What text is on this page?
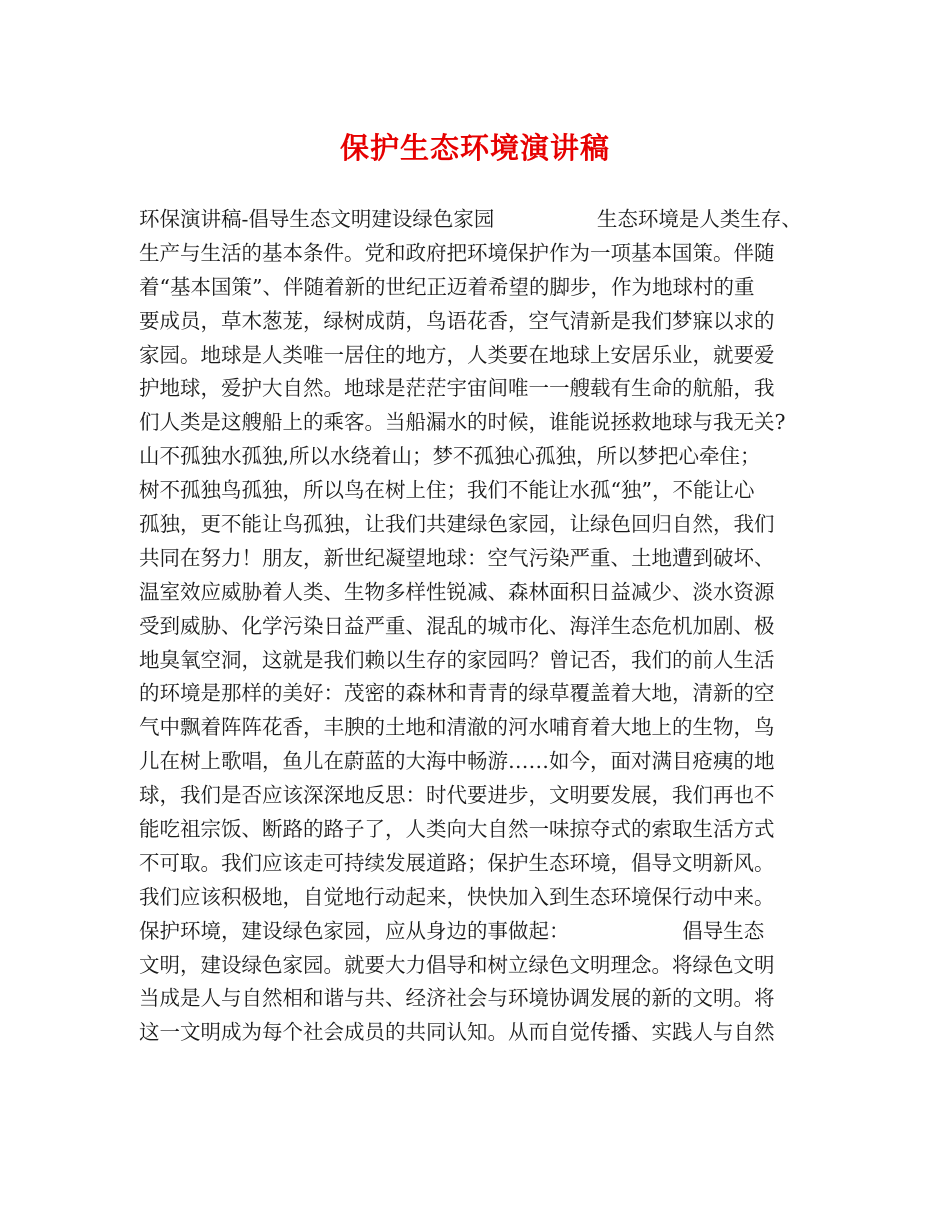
保护生态环境演讲稿
环保演讲稿-倡导生态文明建设绿色家园　　　　　生态环境是人类生存、
生产与生活的基本条件。党和政府把环境保护作为一项基本国策。伴随
着“基本国策”、伴随着新的世纪正迈着希望的脚步，作为地球村的重
要成员，草木葱茏，绿树成荫，鸟语花香，空气清新是我们梦寐以求的
家园。地球是人类唯一居住的地方，人类要在地球上安居乐业，就要爱
护地球，爱护大自然。地球是茫茫宇宙间唯一一艘载有生命的航船，我
们人类是这艘船上的乘客。当船漏水的时候，谁能说拯救地球与我无关?
山不孤独水孤独,所以水绕着山；梦不孤独心孤独，所以梦把心牵住；
树不孤独鸟孤独，所以鸟在树上住；我们不能让水孤“独”，不能让心
孤独，更不能让鸟孤独，让我们共建绿色家园，让绿色回归自然，我们
共同在努力！朋友，新世纪凝望地球：空气污染严重、土地遭到破坏、
温室效应威胁着人类、生物多样性锐减、森林面积日益减少、淡水资源
受到威胁、化学污染日益严重、混乱的城市化、海洋生态危机加剧、极
地臭氧空洞，这就是我们赖以生存的家园吗？曾记否，我们的前人生活
的环境是那样的美好：茂密的森林和青青的绿草覆盖着大地，清新的空
气中飘着阵阵花香，丰腴的土地和清澈的河水哺育着大地上的生物，鸟
儿在树上歌唱，鱼儿在蔚蓝的大海中畅游……如今，面对满目疮痍的地
球，我们是否应该深深地反思：时代要进步，文明要发展，我们再也不
能吃祖宗饭、断路的路子了，人类向大自然一味掠夺式的索取生活方式
不可取。我们应该走可持续发展道路；保护生态环境，倡导文明新风。
我们应该积极地，自觉地行动起来，快快加入到生态环境保行动中来。
保护环境，建设绿色家园，应从身边的事做起：　　　　　　倡导生态
文明，建设绿色家园。就要大力倡导和树立绿色文明理念。将绿色文明
当成是人与自然相和谐与共、经济社会与环境协调发展的新的文明。将
这一文明成为每个社会成员的共同认知。从而自觉传播、实践人与自然
